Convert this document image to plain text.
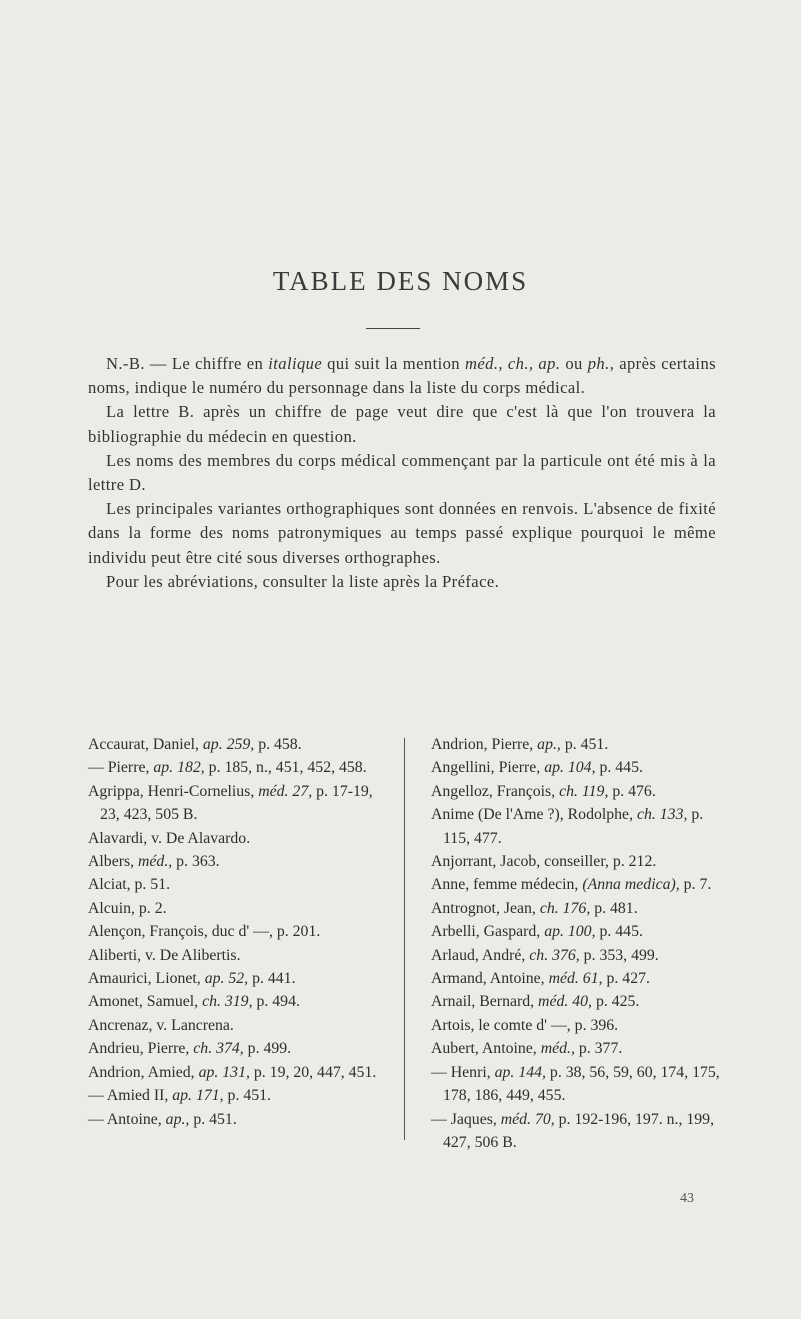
TABLE DES NOMS

N.-B. — Le chiffre en italique qui suit la mention méd., ch., ap. ou ph., après certains noms, indique le numéro du personnage dans la liste du corps médical.

La lettre B. après un chiffre de page veut dire que c'est là que l'on trouvera la bibliographie du médecin en question.

Les noms des membres du corps médical commençant par la particule ont été mis à la lettre D.

Les principales variantes orthographiques sont données en renvois. L'absence de fixité dans la forme des noms patronymiques au temps passé explique pourquoi le même individu peut être cité sous diverses orthographes.

Pour les abréviations, consulter la liste après la Préface.

Accaurat, Daniel, ap. 259, p. 458.
— Pierre, ap. 182, p. 185, n., 451, 452, 458.
Agrippa, Henri-Cornelius, méd. 27, p. 17-19, 23, 423, 505 B.
Alavardi, v. De Alavardo.
Albers, méd., p. 363.
Alciat, p. 51.
Alcuin, p. 2.
Alençon, François, duc d' —, p. 201.
Aliberti, v. De Alibertis.
Amaurici, Lionet, ap. 52, p. 441.
Amonet, Samuel, ch. 319, p. 494.
Ancrenaz, v. Lancrena.
Andrieu, Pierre, ch. 374, p. 499.
Andrion, Amied, ap. 131, p. 19, 20, 447, 451.
— Amied II, ap. 171, p. 451.
— Antoine, ap., p. 451.
Andrion, Pierre, ap., p. 451.
Angellini, Pierre, ap. 104, p. 445.
Angelloz, François, ch. 119, p. 476.
Anime (De l'Ame ?), Rodolphe, ch. 133, p. 115, 477.
Anjorrant, Jacob, conseiller, p. 212.
Anne, femme médecin, (Anna medica), p. 7.
Antrognot, Jean, ch. 176, p. 481.
Arbelli, Gaspard, ap. 100, p. 445.
Arlaud, André, ch. 376, p. 353, 499.
Armand, Antoine, méd. 61, p. 427.
Arnail, Bernard, méd. 40, p. 425.
Artois, le comte d' —, p. 396.
Aubert, Antoine, méd., p. 377.
— Henri, ap. 144, p. 38, 56, 59, 60, 174, 175, 178, 186, 449, 455.
— Jaques, méd. 70, p. 192-196, 197. n., 199, 427, 506 B.
43
